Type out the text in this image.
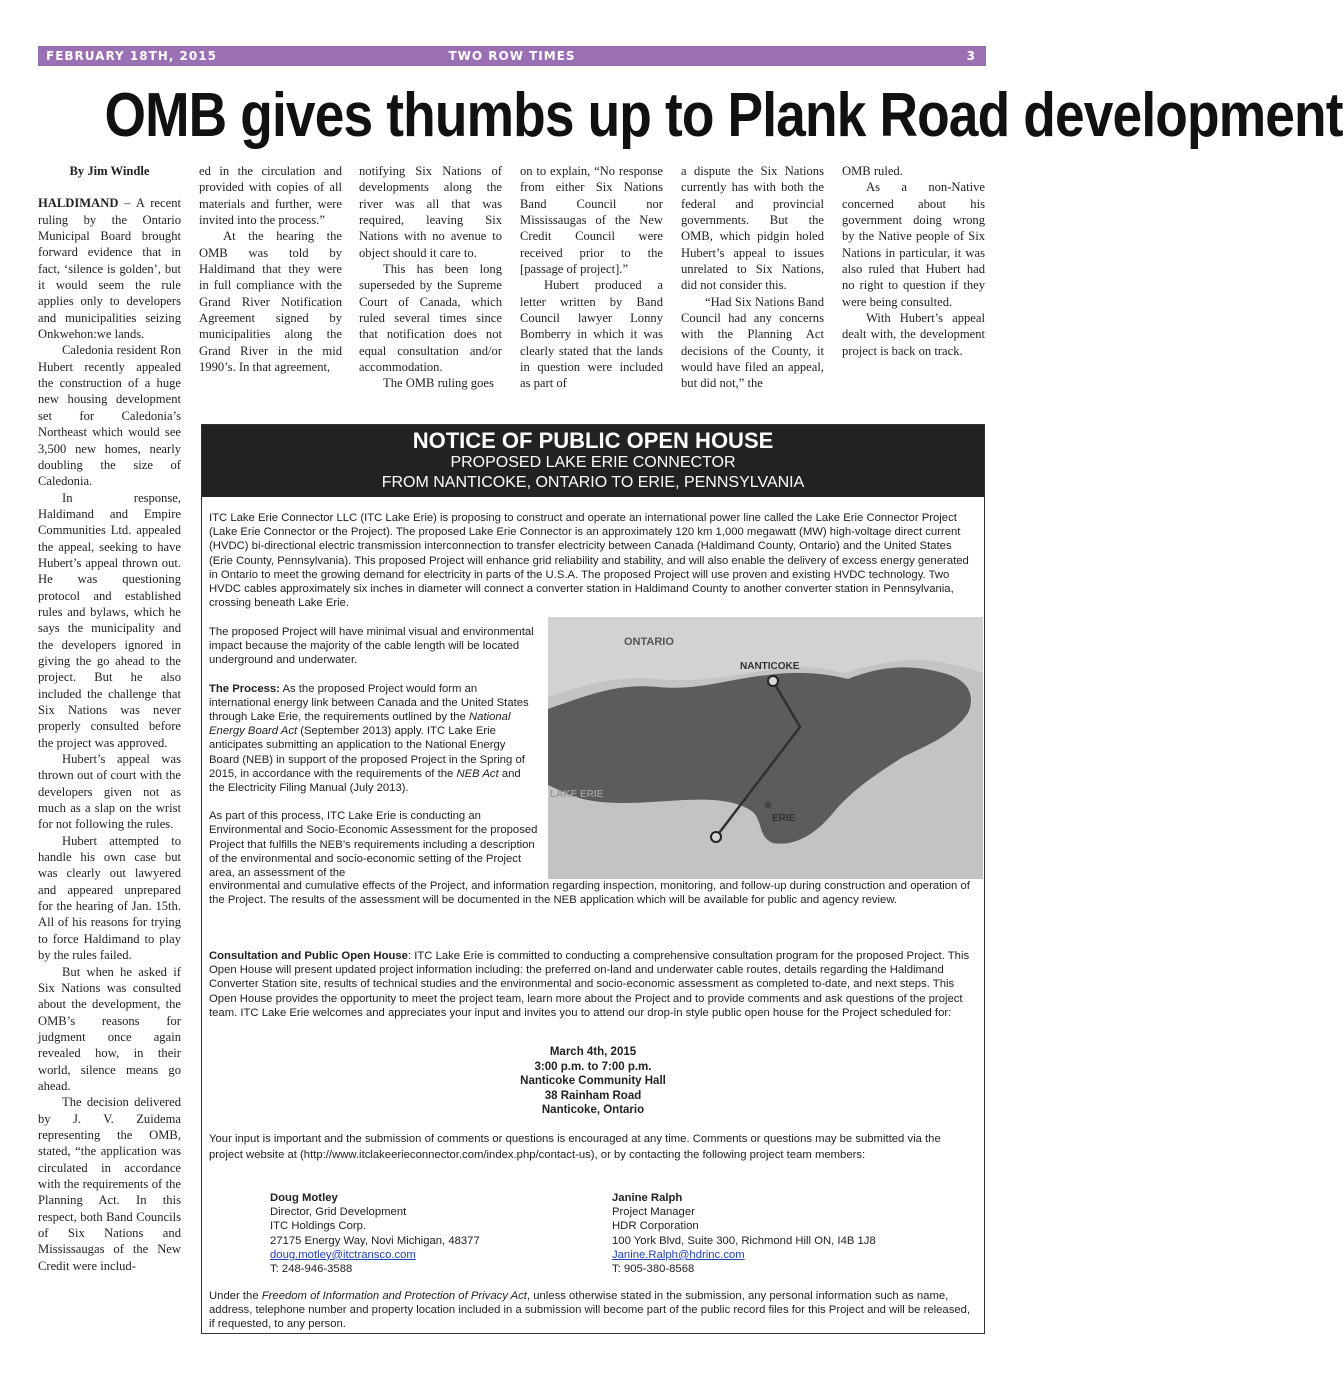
FEBRUARY 18TH, 2015	TWO ROW TIMES	3
OMB gives thumbs up to Plank Road development

By Jim Windle

HALDIMAND – A recent ruling by the Ontario Municipal Board brought forward evidence that in fact, ‘silence is golden’, but it would seem the rule applies only to developers and municipalities seizing Onkwehon:we lands.

Caledonia resident Ron Hubert recently appealed the construction of a huge new housing development set for Caledonia’s Northeast which would see 3,500 new homes, nearly doubling the size of Caledonia.

In response, Haldimand and Empire Communities Ltd. appealed the appeal, seeking to have Hubert’s appeal thrown out. He was questioning protocol and established rules and bylaws, which he says the municipality and the developers ignored in giving the go ahead to the project. But he also included the challenge that Six Nations was never properly consulted before the project was approved.

Hubert’s appeal was thrown out of court with the developers given not as much as a slap on the wrist for not following the rules.

Hubert attempted to handle his own case but was clearly out lawyered and appeared unprepared for the hearing of Jan. 15th. All of his reasons for trying to force Haldimand to play by the rules failed.

But when he asked if Six Nations was consulted about the development, the OMB’s reasons for judgment once again revealed how, in their world, silence means go ahead.

The decision delivered by J. V. Zuidema representing the OMB, stated, “the application was circulated in accordance with the requirements of the Planning Act. In this respect, both Band Councils of Six Nations and Mississaugas of the New Credit were includ-

ed in the circulation and provided with copies of all materials and further, were invited into the process.”

At the hearing the OMB was told by Haldimand that they were in full compliance with the Grand River Notification Agreement signed by municipalities along the Grand River in the mid 1990’s. In that agreement,

notifying Six Nations of developments along the river was all that was required, leaving Six Nations with no avenue to object should it care to.

This has been long superseded by the Supreme Court of Canada, which ruled several times since that notification does not equal consultation and/or accommodation.

The OMB ruling goes

on to explain, “No response from either Six Nations Band Council nor Mississaugas of the New Credit Council were received prior to the [passage of project].”

Hubert produced a letter written by Band Council lawyer Lonny Bomberry in which it was clearly stated that the lands in question were included as part of

a dispute the Six Nations currently has with both the federal and provincial governments. But the OMB, which pidgin holed Hubert’s appeal to issues unrelated to Six Nations, did not consider this.

“Had Six Nations Band Council had any concerns with the Planning Act decisions of the County, it would have filed an appeal, but did not,” the

OMB ruled.

As a non-Native concerned about his government doing wrong by the Native people of Six Nations in particular, it was also ruled that Hubert had no right to question if they were being consulted.

With Hubert’s appeal dealt with, the development project is back on track.

NOTICE OF PUBLIC OPEN HOUSE
PROPOSED LAKE ERIE CONNECTOR
FROM NANTICOKE, ONTARIO TO ERIE, PENNSYLVANIA
ITC Lake Erie Connector LLC (ITC Lake Erie) is proposing to construct and operate an international power line called the Lake Erie Connector Project (Lake Erie Connector or the Project). The proposed Lake Erie Connector is an approximately 120 km 1,000 megawatt (MW) high-voltage direct current (HVDC) bi-directional electric transmission interconnection to transfer electricity between Canada (Haldimand County, Ontario) and the United States (Erie County, Pennsylvania). This proposed Project will enhance grid reliability and stability, and will also enable the delivery of excess energy generated in Ontario to meet the growing demand for electricity in parts of the U.S.A. The proposed Project will use proven and existing HVDC technology. Two HVDC cables approximately six inches in diameter will connect a converter station in Haldimand County to another converter station in Pennsylvania, crossing beneath Lake Erie.

The proposed Project will have minimal visual and environmental impact because the majority of the cable length will be located underground and underwater.

The Process: As the proposed Project would form an international energy link between Canada and the United States through Lake Erie, the requirements outlined by the National Energy Board Act (September 2013) apply. ITC Lake Erie anticipates submitting an application to the National Energy Board (NEB) in support of the proposed Project in the Spring of 2015, in accordance with the requirements of the NEB Act and the Electricity Filing Manual (July 2013).

As part of this process, ITC Lake Erie is conducting an Environmental and Socio-Economic Assessment for the proposed Project that fulfills the NEB’s requirements including a description of the environmental and socio-economic setting of the Project area, an assessment of the

ONTARIO
NANTICOKE
LAKE ERIE
ERIE
environmental and cumulative effects of the Project, and information regarding inspection, monitoring, and follow-up during construction and operation of the Project. The results of the assessment will be documented in the NEB application which will be available for public and agency review.
Consultation and Public Open House: ITC Lake Erie is committed to conducting a comprehensive consultation program for the proposed Project. This Open House will present updated project information including: the preferred on-land and underwater cable routes, details regarding the Haldimand Converter Station site, results of technical studies and the environmental and socio-economic assessment as completed to-date, and next steps. This Open House provides the opportunity to meet the project team, learn more about the Project and to provide comments and ask questions of the project team. ITC Lake Erie welcomes and appreciates your input and invites you to attend our drop-in style public open house for the Project scheduled for:
March 4th, 2015
3:00 p.m. to 7:00 p.m.
Nanticoke Community Hall
38 Rainham Road
Nanticoke, Ontario
Your input is important and the submission of comments or questions is encouraged at any time. Comments or questions may be submitted via the project website at (http://www.itclakeerieconnector.com/index.php/contact-us), or by contacting the following project team members:
Doug Motley
Director, Grid Development
ITC Holdings Corp.
27175 Energy Way, Novi Michigan, 48377
doug.motley@itctransco.com
T: 248-946-3588
Janine Ralph
Project Manager
HDR Corporation
100 York Blvd, Suite 300, Richmond Hill ON, I4B 1J8
Janine.Ralph@hdrinc.com
T: 905-380-8568
Under the Freedom of Information and Protection of Privacy Act, unless otherwise stated in the submission, any personal information such as name, address, telephone number and property location included in a submission will become part of the public record files for this Project and will be released, if requested, to any person.
